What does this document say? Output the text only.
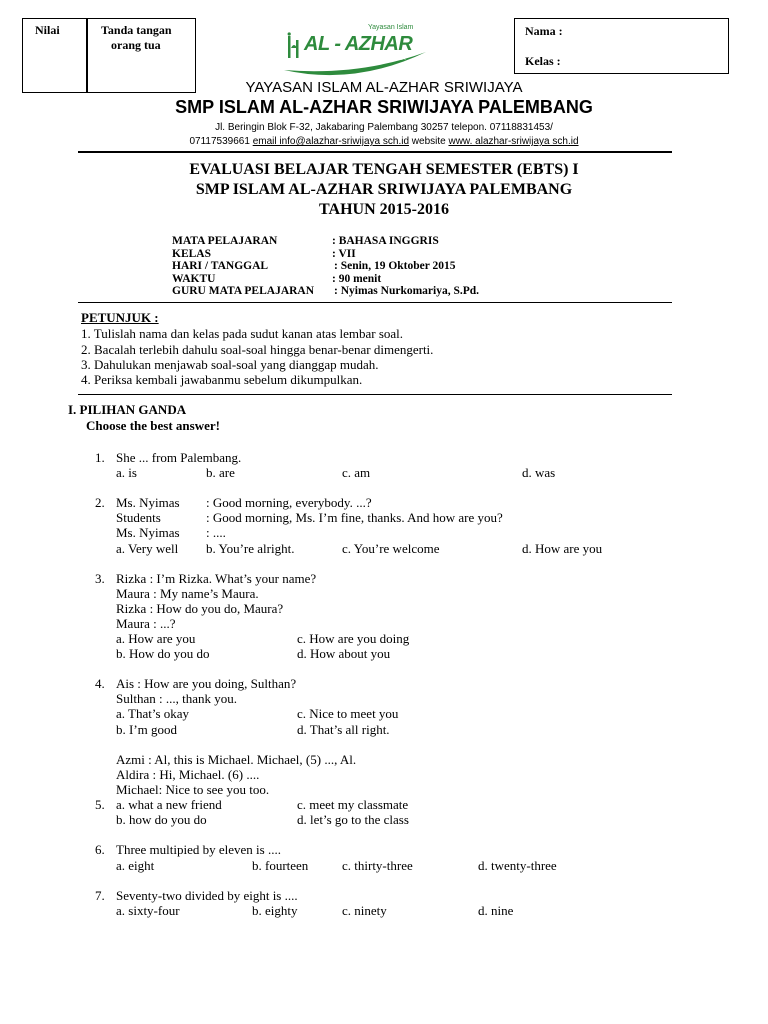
Nilai	Tanda tangan
orang tua
Nama :
Kelas :
Yayasan Islam
AL - AZHAR
SRIWIJAYA
YAYASAN ISLAM AL-AZHAR SRIWIJAYA
SMP ISLAM AL-AZHAR SRIWIJAYA PALEMBANG
Jl. Beringin Blok F-32, Jakabaring Palembang 30257 telepon. 07118831453/
07117539661 email info@alazhar-sriwijaya sch.id website www. alazhar-sriwijaya sch.id
EVALUASI BELAJAR TENGAH SEMESTER (EBTS) I
SMP ISLAM AL-AZHAR SRIWIJAYA PALEMBANG
TAHUN 2015-2016
MATA PELAJARAN	: BAHASA INGGRIS
KELAS	: VII
HARI / TANGGAL	: Senin, 19 Oktober 2015
WAKTU	: 90 menit
GURU MATA PELAJARAN : Nyimas Nurkomariya, S.Pd.
PETUNJUK :
1. Tulislah nama dan kelas pada sudut kanan atas lembar soal.
2. Bacalah terlebih dahulu soal-soal hingga benar-benar dimengerti.
3. Dahulukan menjawab soal-soal yang dianggap mudah.
4. Periksa kembali jawabanmu sebelum dikumpulkan.
I. PILIHAN GANDA
Choose the best answer!
1. She ... from Palembang.
a. is	b. are	c. am	d. was
2. Ms. Nyimas : Good morning, everybody. ...?
Students	: Good morning, Ms. I’m fine, thanks. And how are you?
Ms. Nyimas : ....
a. Very well b. You’re alright.	c. You’re welcome	d. How are you
3. Rizka : I’m Rizka. What’s your name?
Maura : My name’s Maura.
Rizka : How do you do, Maura?
Maura : ...?
a. How are you	c. How are you doing
b. How do you do	d. How about you
4. Ais : How are you doing, Sulthan?
Sulthan : ..., thank you.
a. That’s okay	c. Nice to meet you
b. I’m good	d. That’s all right.
Azmi : Al, this is Michael. Michael, (5) ..., Al.
Aldira : Hi, Michael. (6) ....
Michael: Nice to see you too.
5. a. what a new friend	c. meet my classmate
b. how do you do	d. let’s go to the class
6. Three multipied by eleven is ....
a. eight	b. fourteen	c. thirty-three	d. twenty-three
7. Seventy-two divided by eight is ....
a. sixty-four	b. eighty	c. ninety	d. nine
